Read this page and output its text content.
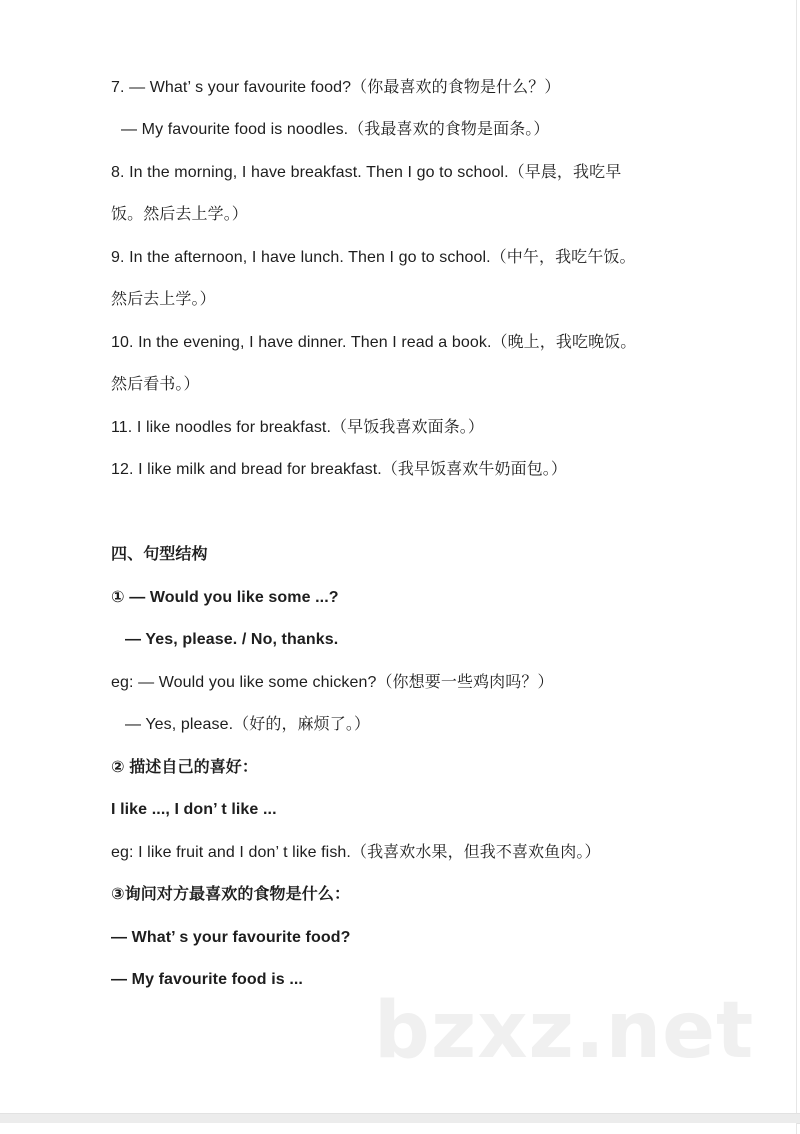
7. — What’ s your favourite food?（你最喜欢的食物是什么？）
— My favourite food is noodles.（我最喜欢的食物是面条。）
8. In the morning, I have breakfast. Then I go to school.（早晨，我吃早
饭。然后去上学。）
9. In the afternoon, I have lunch. Then I go to school.（中午，我吃午饭。
然后去上学。）
10. In the evening, I have dinner. Then I read a book.（晚上，我吃晚饭。
然后看书。）
11. I like noodles for breakfast.（早饭我喜欢面条。）
12. I like milk and bread for breakfast.（我早饭喜欢牛奶面包。）
四、句型结构
① — Would you like some ...?
— Yes, please. / No, thanks.
eg: — Would you like some chicken?（你想要一些鸡肉吗？）
— Yes, please.（好的，麻烦了。）
② 描述自己的喜好：
I like ..., I don’ t like ...
eg: I like fruit and I don’ t like fish.（我喜欢水果，但我不喜欢鱼肉。）
③询问对方最喜欢的食物是什么：
— What’ s your favourite food?
— My favourite food is ...
bzxz.net
